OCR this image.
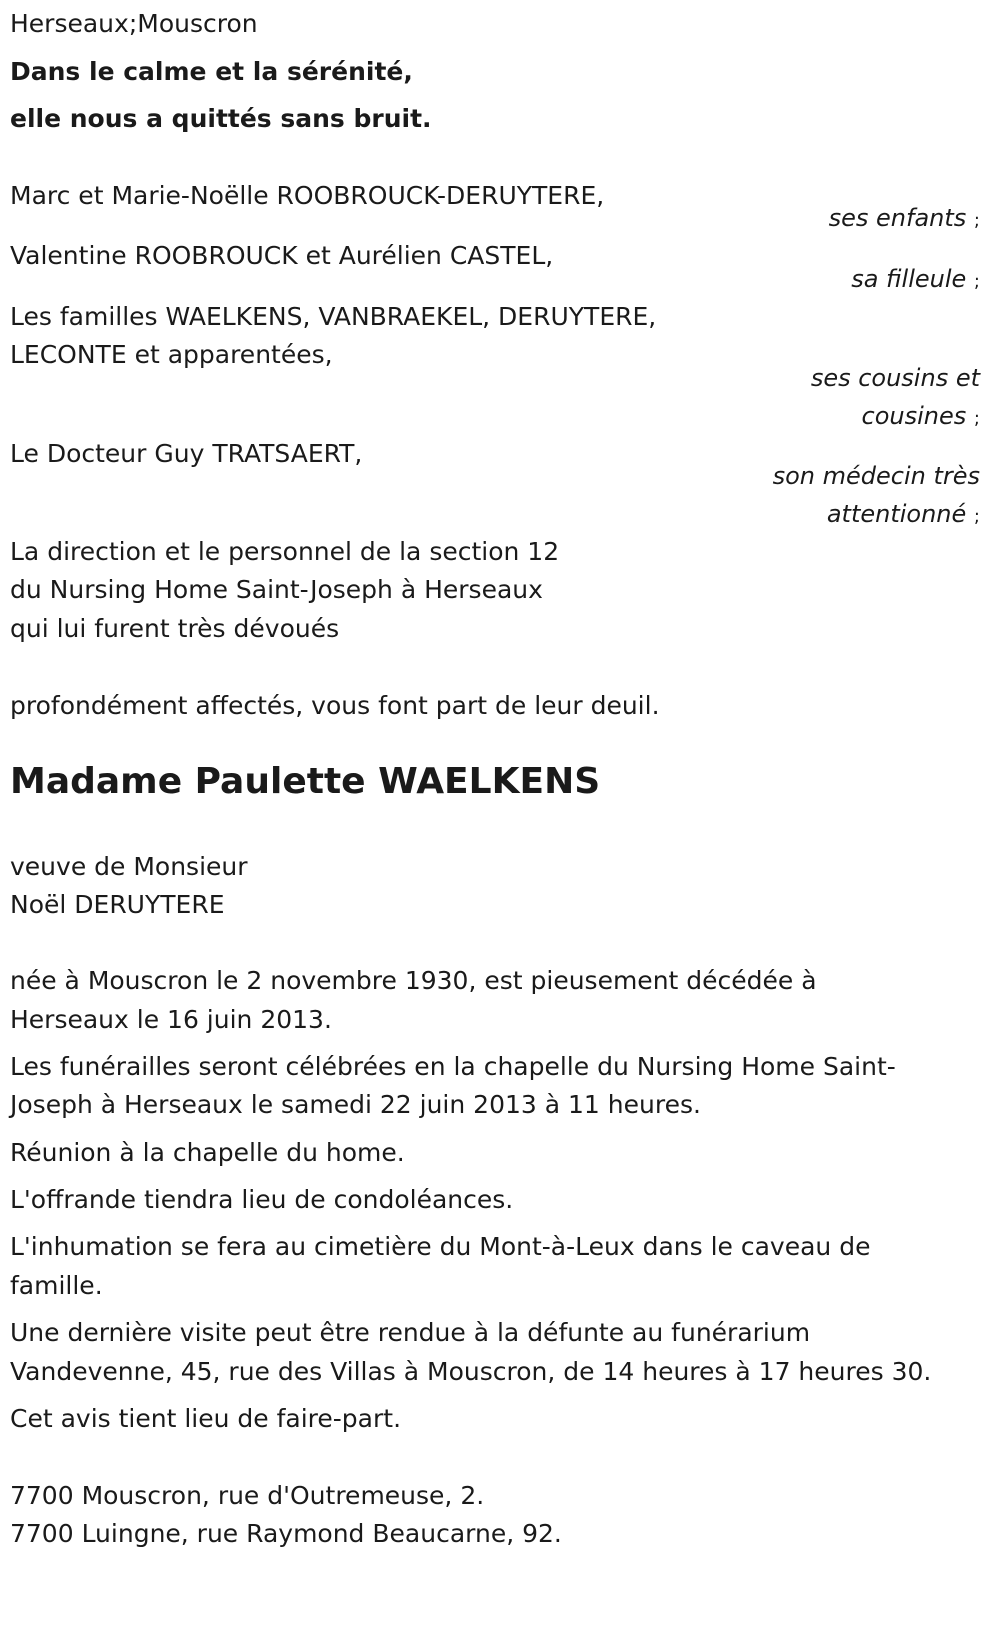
Herseaux;Mouscron
Dans le calme et la sérénité,
elle nous a quittés sans bruit.
Marc et Marie-Noëlle ROOBROUCK-DERUYTERE,
ses enfants ;
Valentine ROOBROUCK et Aurélien CASTEL,
sa filleule ;
Les familles WAELKENS, VANBRAEKEL, DERUYTERE,
LECONTE et apparentées,
ses cousins et
cousines ;
Le Docteur Guy TRATSAERT,
son médecin très
attentionné ;
La direction et le personnel de la section 12
du Nursing Home Saint-Joseph à Herseaux
qui lui furent très dévoués
profondément affectés, vous font part de leur deuil.
Madame Paulette WAELKENS
veuve de Monsieur
Noël DERUYTERE
née à Mouscron le 2 novembre 1930, est pieusement décédée à
Herseaux le 16 juin 2013.
Les funérailles seront célébrées en la chapelle du Nursing Home Saint-
Joseph à Herseaux le samedi 22 juin 2013 à 11 heures.
Réunion à la chapelle du home.
L'offrande tiendra lieu de condoléances.
L'inhumation se fera au cimetière du Mont-à-Leux dans le caveau de
famille.
Une dernière visite peut être rendue à la défunte au funérarium
Vandevenne, 45, rue des Villas à Mouscron, de 14 heures à 17 heures 30.
Cet avis tient lieu de faire-part.
7700 Mouscron, rue d'Outremeuse, 2.
7700 Luingne, rue Raymond Beaucarne, 92.
